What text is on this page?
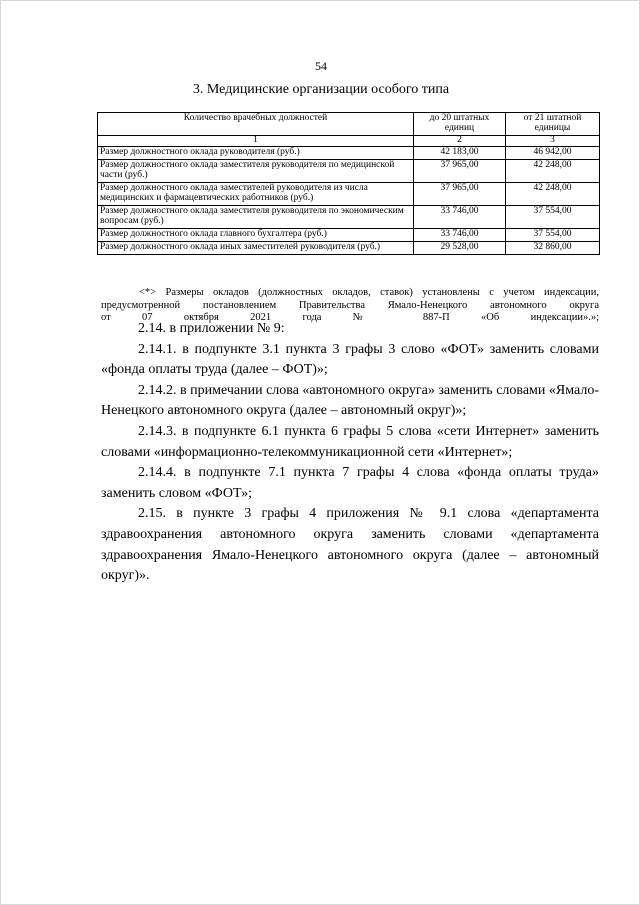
54
3. Медицинские организации особого типа
Количество врачебных должностей	до 20 штатных единиц	от 21 штатной единицы
1	2	3
Размер должностного оклада руководителя (руб.)	42 183,00	46 942,00
Размер должностного оклада заместителя руководителя по медицинской части (руб.)	37 965,00	42 248,00
Размер должностного оклада заместителей руководителя из числа медицинских и фармацевтических работников (руб.)	37 965,00	42 248,00
Размер должностного оклада заместителя руководителя по экономическим вопросам (руб.)	33 746,00	37 554,00
Размер должностного оклада главного бухгалтера (руб.)	33 746,00	37 554,00
Размер должностного оклада иных заместителей руководителя (руб.)	29 528,00	32 860,00
<*> Размеры окладов (должностных окладов, ставок) установлены с учетом индексации, предусмотренной постановлением Правительства Ямало-Ненецкого автономного округа
от 07 октября 2021 года № 887-П «Об индексации».»;

2.14. в приложении № 9:

2.14.1. в подпункте 3.1 пункта 3 графы 3 слово «ФОТ» заменить словами «фонда оплаты труда (далее – ФОТ)»;

2.14.2. в примечании слова «автономного округа» заменить словами «Ямало-Ненецкого автономного округа (далее – автономный округ)»;

2.14.3. в подпункте 6.1 пункта 6 графы 5 слова «сети Интернет» заменить словами «информационно-телекоммуникационной сети «Интернет»;

2.14.4. в подпункте 7.1 пункта 7 графы 4 слова «фонда оплаты труда» заменить словом «ФОТ»;

2.15. в пункте 3 графы 4 приложения № 9.1 слова «департамента здравоохранения автономного округа заменить словами «департамента здравоохранения Ямало-Ненецкого автономного округа (далее – автономный округ)».
